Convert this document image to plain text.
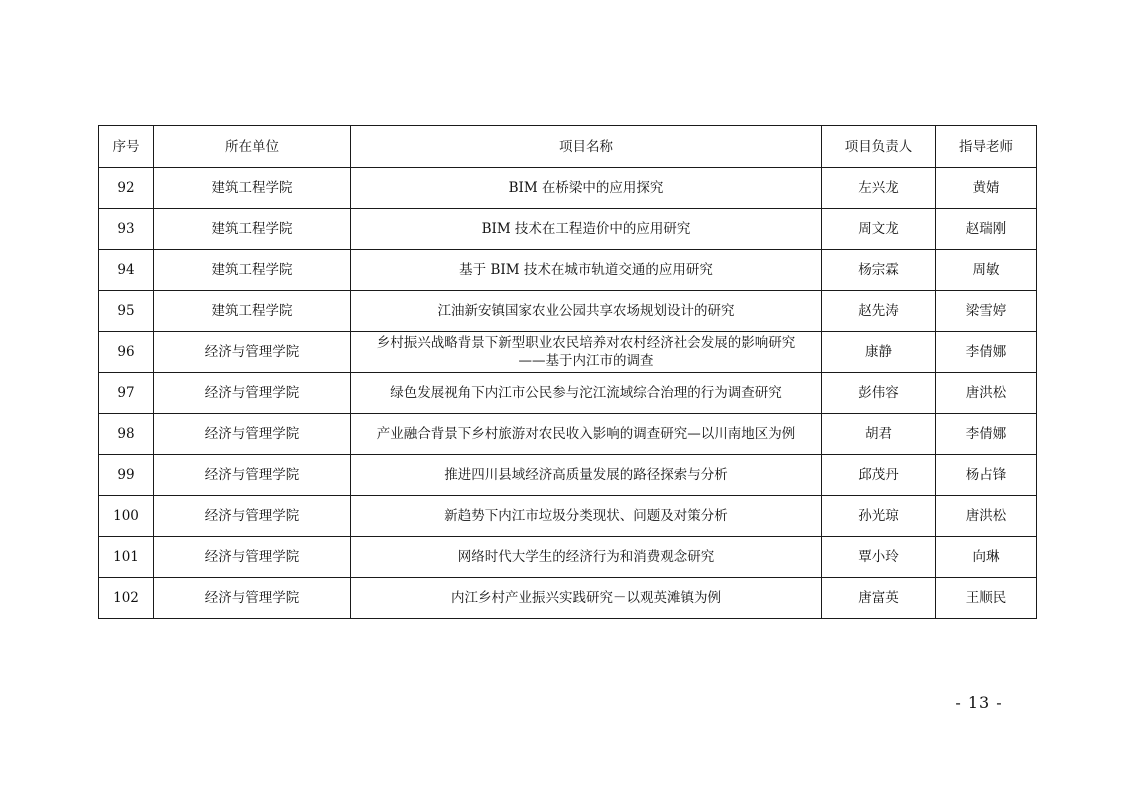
序号	所在单位	项目名称	项目负责人	指导老师
92	建筑工程学院	BIM 在桥梁中的应用探究	左兴龙	黄婧
93	建筑工程学院	BIM 技术在工程造价中的应用研究	周文龙	赵瑞刚
94	建筑工程学院	基于 BIM 技术在城市轨道交通的应用研究	杨宗霖	周敏
95	建筑工程学院	江油新安镇国家农业公园共享农场规划设计的研究	赵先涛	梁雪婷
96	经济与管理学院	乡村振兴战略背景下新型职业农民培养对农村经济社会发展的影响研究
——基于内江市的调查	康静	李倩娜
97	经济与管理学院	绿色发展视角下内江市公民参与沱江流域综合治理的行为调查研究	彭伟容	唐洪松
98	经济与管理学院	产业融合背景下乡村旅游对农民收入影响的调查研究—以川南地区为例	胡君	李倩娜
99	经济与管理学院	推进四川县域经济高质量发展的路径探索与分析	邱茂丹	杨占锋
100	经济与管理学院	新趋势下内江市垃圾分类现状、问题及对策分析	孙光琼	唐洪松
101	经济与管理学院	网络时代大学生的经济行为和消费观念研究	覃小玲	向琳
102	经济与管理学院	内江乡村产业振兴实践研究－以观英滩镇为例	唐富英	王顺民
- 13 -
